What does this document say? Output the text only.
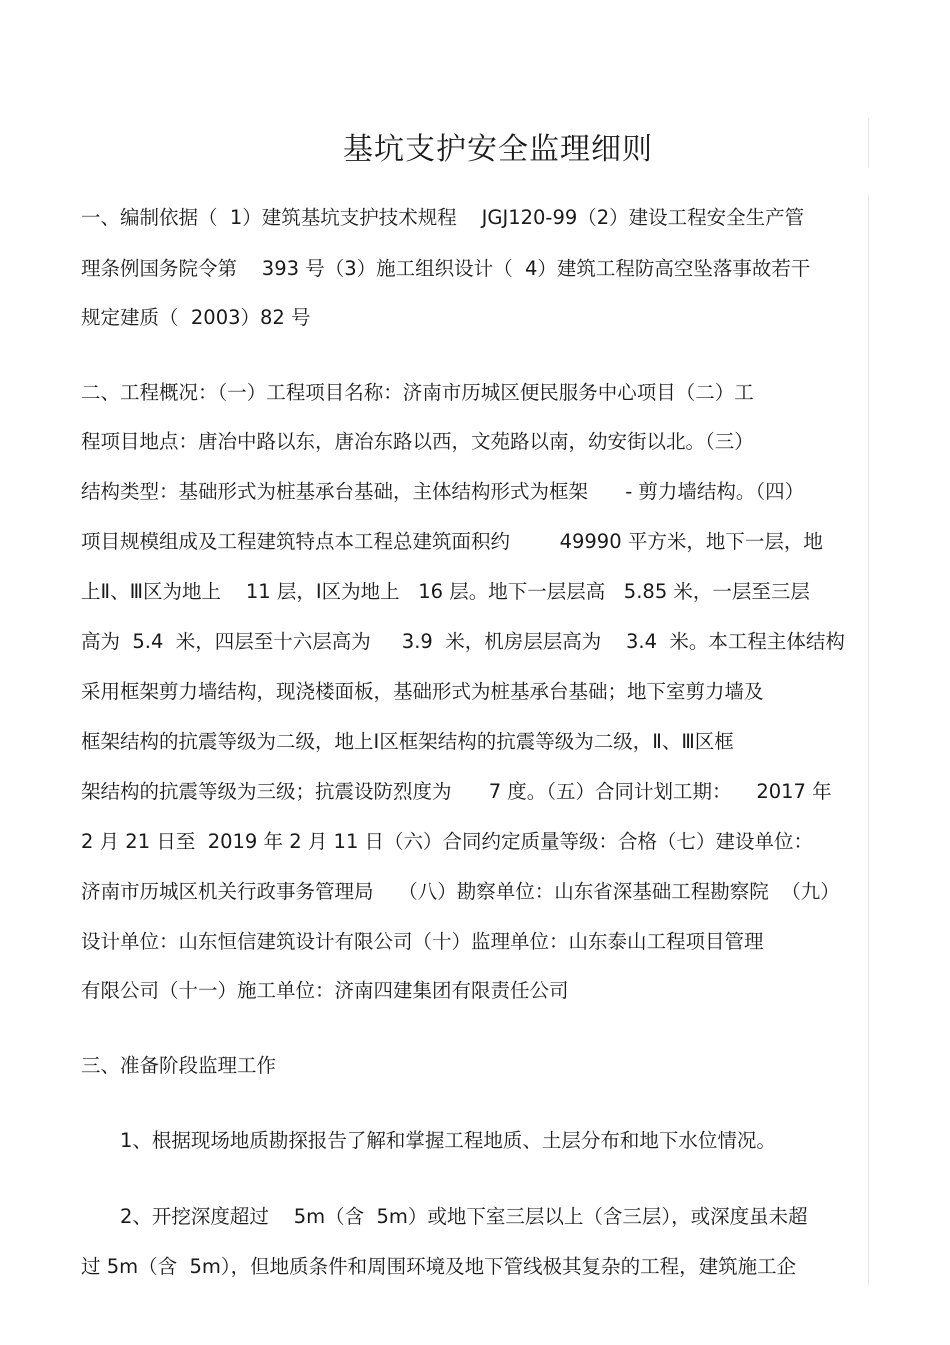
基坑支护安全监理细则
一、编制依据（  1）建筑基坑支护技术规程    JGJ120-99（2）建设工程安全生产管
理条例国务院令第    393 号（3）施工组织设计（  4）建筑工程防高空坠落事故若干
规定建质（  2003）82 号
二、工程概况：（一）工程项目名称：济南市历城区便民服务中心项目（二）工
程项目地点：唐冶中路以东，唐冶东路以西，文苑路以南，幼安街以北。（三）
结构类型：基础形式为桩基承台基础，主体结构形式为框架      - 剪力墙结构。（四）
项目规模组成及工程建筑特点本工程总建筑面积约        49990 平方米，地下一层，地
上Ⅱ、Ⅲ区为地上    11 层，Ⅰ区为地上   16 层。地下一层层高   5.85 米，一层至三层
高为  5.4  米，四层至十六层高为     3.9  米，机房层层高为    3.4  米。本工程主体结构
采用框架剪力墙结构，现浇楼面板，基础形式为桩基承台基础；地下室剪力墙及
框架结构的抗震等级为二级，地上Ⅰ区框架结构的抗震等级为二级，Ⅱ、Ⅲ区框
架结构的抗震等级为三级；抗震设防烈度为      7 度。（五）合同计划工期：    2017 年
2 月 21 日至  2019 年 2 月 11 日（六）合同约定质量等级：合格（七）建设单位：
济南市历城区机关行政事务管理局    （八）勘察单位：山东省深基础工程勘察院  （九）
设计单位：山东恒信建筑设计有限公司（十）监理单位：山东泰山工程项目管理
有限公司（十一）施工单位：济南四建集团有限责任公司
三、准备阶段监理工作
1、根据现场地质勘探报告了解和掌握工程地质、土层分布和地下水位情况。
2、开挖深度超过    5m（含  5m）或地下室三层以上（含三层），或深度虽未超
过 5m（含  5m），但地质条件和周围环境及地下管线极其复杂的工程，建筑施工企
